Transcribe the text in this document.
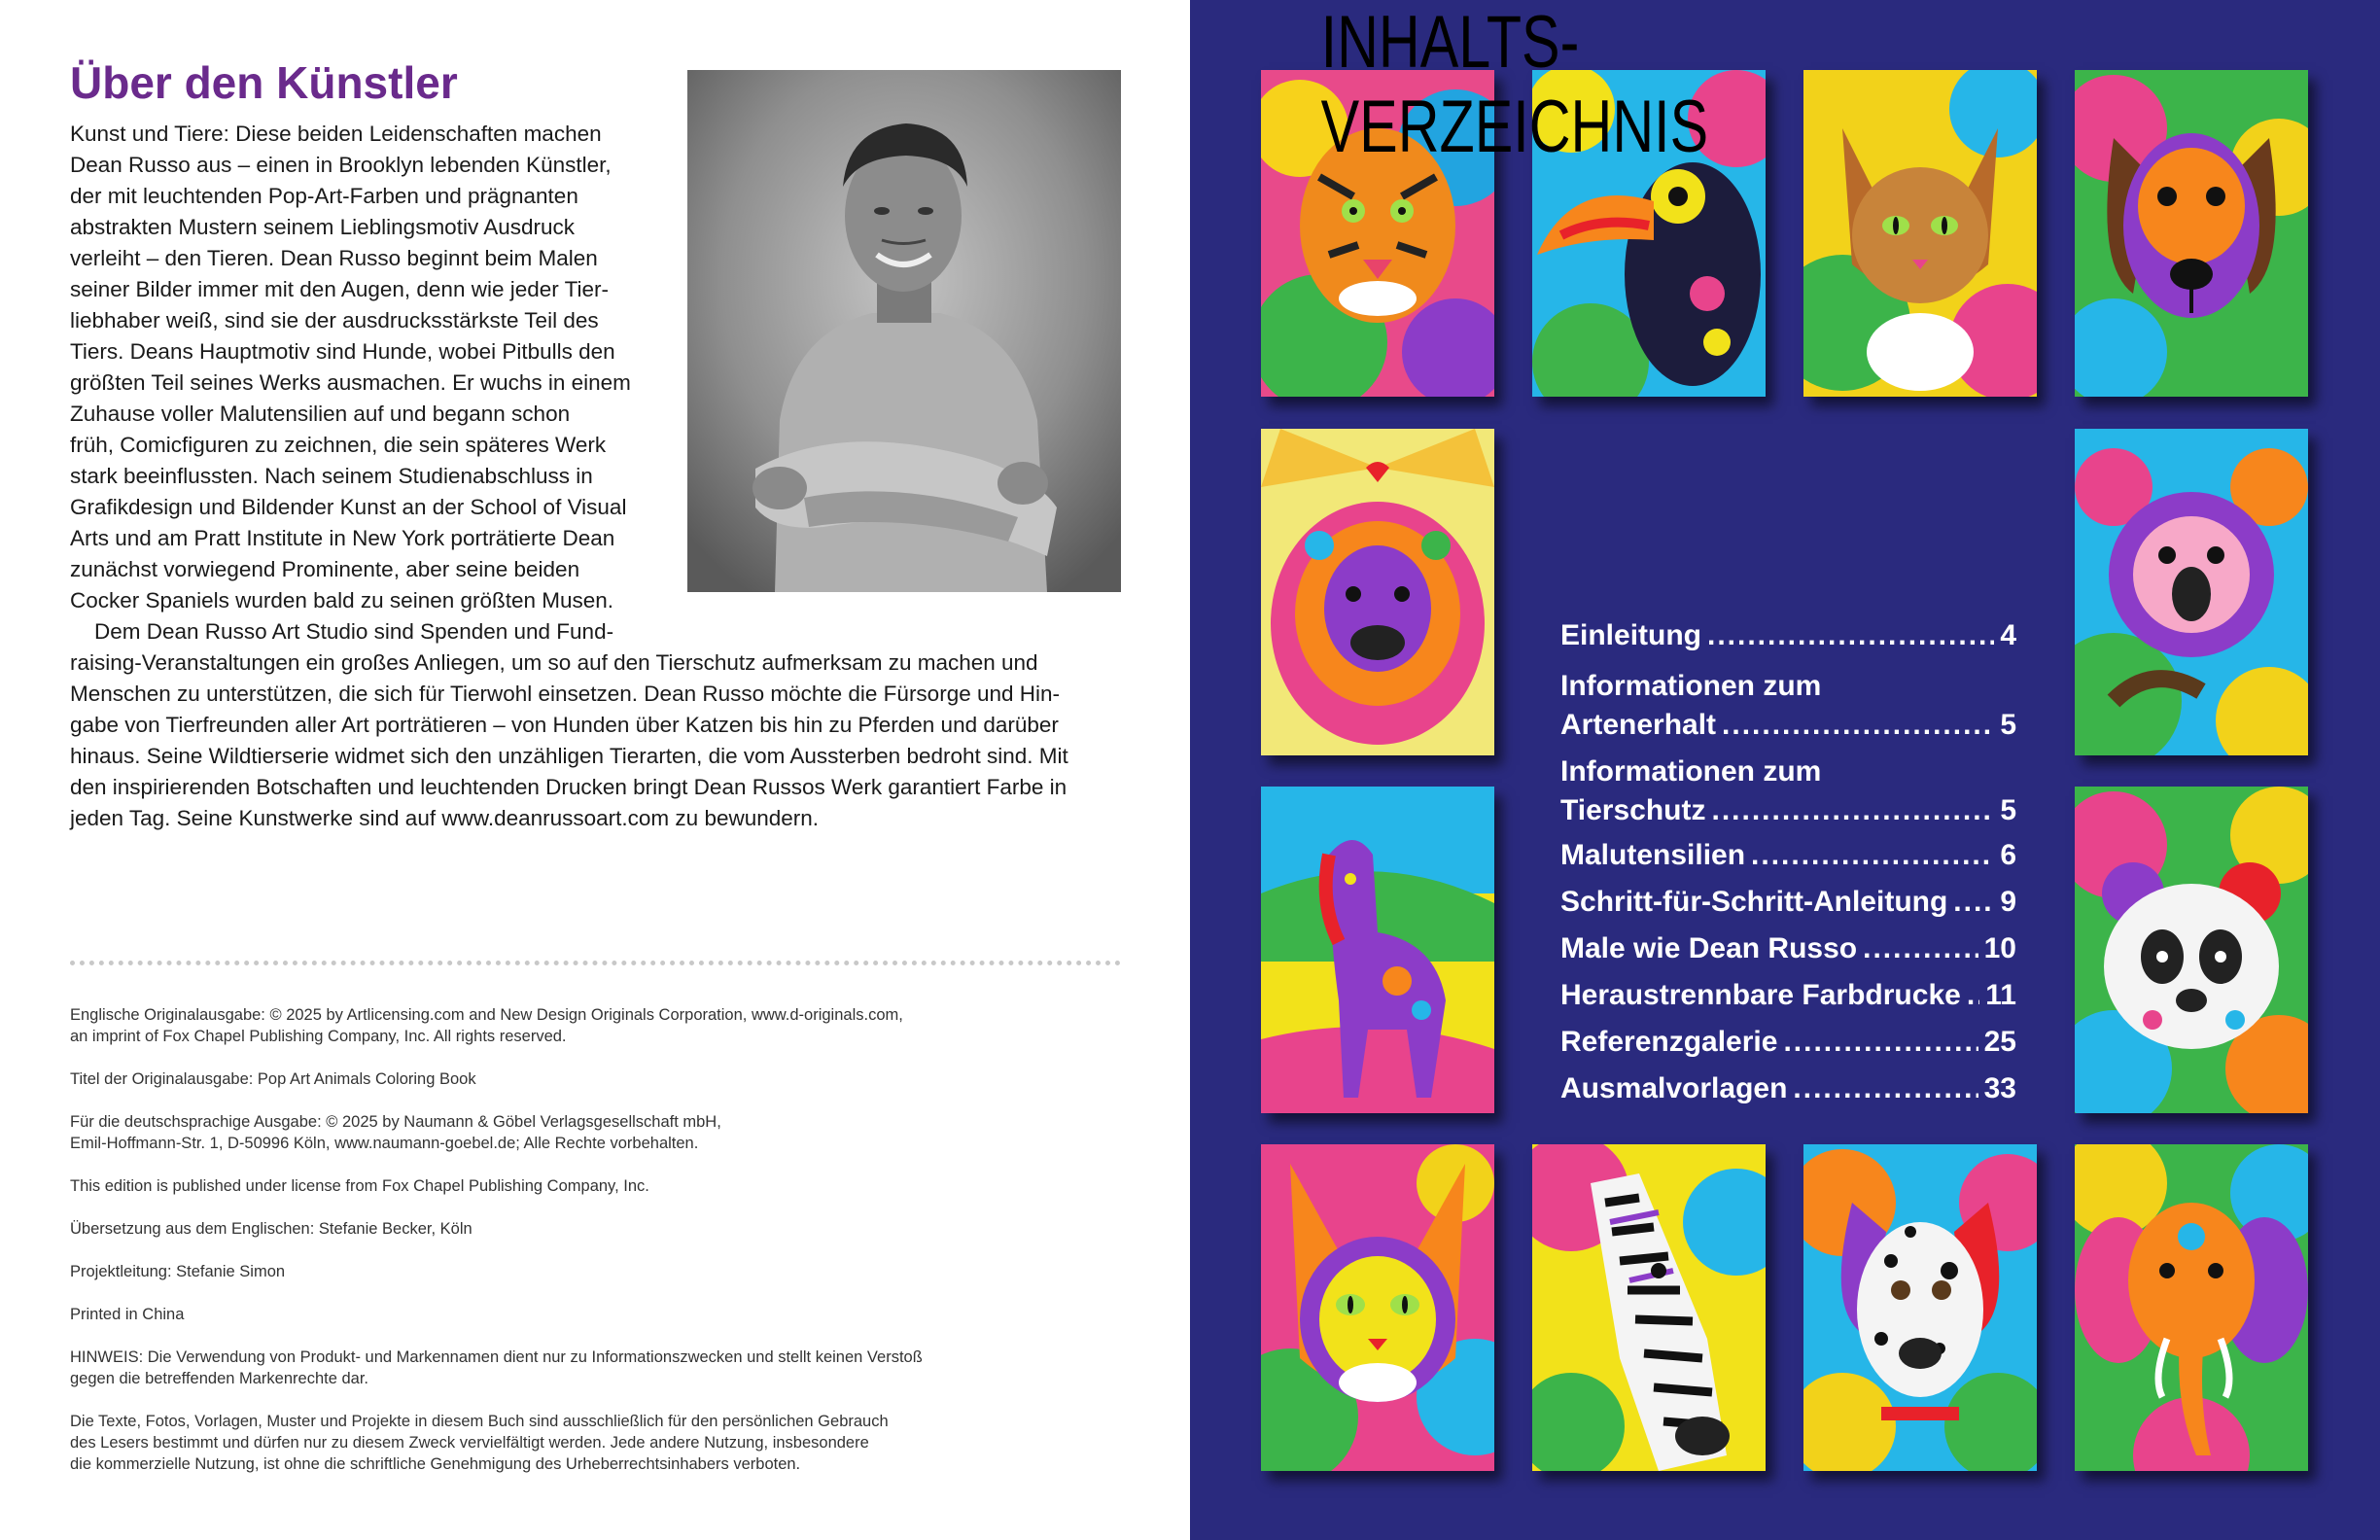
Über den Künstler

Kunst und Tiere: Diese beiden Leidenschaften machen

Dean Russo aus – einen in Brooklyn lebenden Künstler,

der mit leuchtenden Pop-Art-Farben und prägnanten

abstrakten Mustern seinem Lieblingsmotiv Ausdruck

verleiht – den Tieren. Dean Russo beginnt beim Malen

seiner Bilder immer mit den Augen, denn wie jeder Tier-

liebhaber weiß, sind sie der ausdrucksstärkste Teil des

Tiers. Deans Hauptmotiv sind Hunde, wobei Pitbulls den

größten Teil seines Werks ausmachen. Er wuchs in einem

Zuhause voller Malutensilien auf und begann schon

früh, Comicfiguren zu zeichnen, die sein späteres Werk

stark beeinflussten. Nach seinem Studienabschluss in

Grafikdesign und Bildender Kunst an der School of Visual

Arts und am Pratt Institute in New York porträtierte Dean

zunächst vorwiegend Prominente, aber seine beiden

Cocker Spaniels wurden bald zu seinen größten Musen.

Dem Dean Russo Art Studio sind Spenden und Fund-

raising-Veranstaltungen ein großes Anliegen, um so auf den Tierschutz aufmerksam zu machen und

Menschen zu unterstützen, die sich für Tierwohl einsetzen. Dean Russo möchte die Fürsorge und Hin-

gabe von Tierfreunden aller Art porträtieren – von Hunden über Katzen bis hin zu Pferden und darüber

hinaus. Seine Wildtierserie widmet sich den unzähligen Tierarten, die vom Aussterben bedroht sind. Mit

den inspirierenden Botschaften und leuchtenden Drucken bringt Dean Russos Werk garantiert Farbe in

jeden Tag. Seine Kunstwerke sind auf www.deanrussoart.com zu bewundern.

Englische Originalausgabe: © 2025 by Artlicensing.com and New Design Originals Corporation, www.d-originals.com,

an imprint of Fox Chapel Publishing Company, Inc. All rights reserved.

Titel der Originalausgabe: Pop Art Animals Coloring Book

Für die deutschsprachige Ausgabe: © 2025 by Naumann & Göbel Verlagsgesellschaft mbH,

Emil-Hoffmann-Str. 1, D-50996 Köln, www.naumann-goebel.de; Alle Rechte vorbehalten.

This edition is published under license from Fox Chapel Publishing Company, Inc.

Übersetzung aus dem Englischen: Stefanie Becker, Köln

Projektleitung: Stefanie Simon

Printed in China

HINWEIS: Die Verwendung von Produkt- und Markennamen dient nur zu Informationszwecken und stellt keinen Verstoß

gegen die betreffenden Markenrechte dar.

Die Texte, Fotos, Vorlagen, Muster und Projekte in diesem Buch sind ausschließlich für den persönlichen Gebrauch

des Lesers bestimmt und dürfen nur zu diesem Zweck vervielfältigt werden. Jede andere Nutzung, insbesondere

die kommerzielle Nutzung, ist ohne die schriftliche Genehmigung des Urheberrechtsinhabers verboten.

INHALTS-
VERZEICHNIS
Einleitung .....	4
Informationen zum
Artenerhalt .....	5
Informationen zum
Tierschutz .....	5
Malutensilien .....	6
Schritt-für-Schritt-Anleitung ..... 9
Male wie Dean Russo .....	10
Heraustrennbare Farbdrucke ..... 11
Referenzgalerie .....	25
Ausmalvorlagen .....	33
